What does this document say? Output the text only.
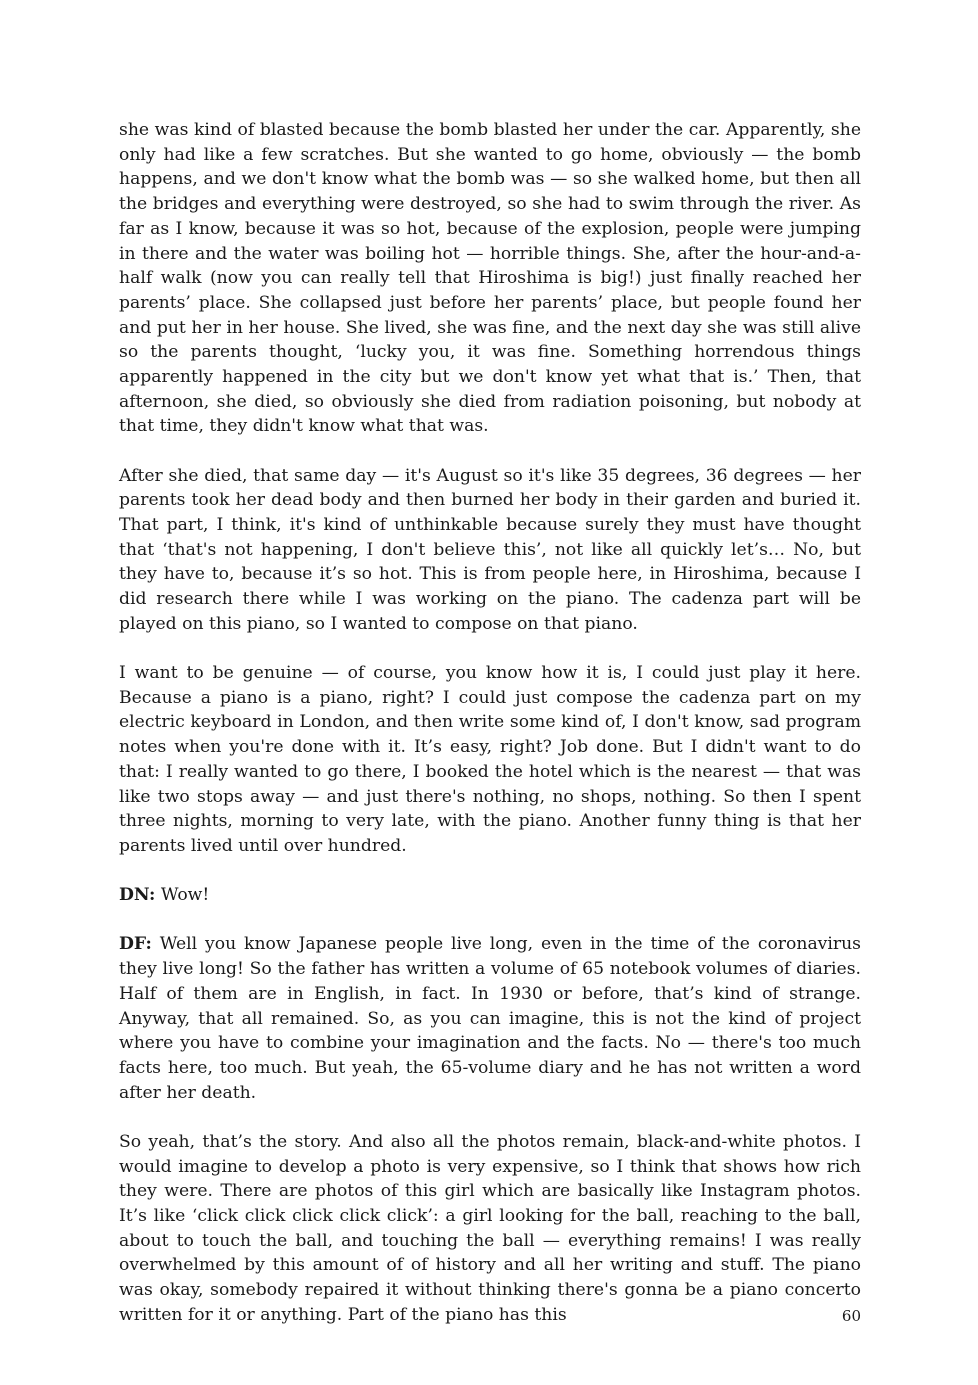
she was kind of blasted because the bomb blasted her under the car. Apparently, she only had like a few scratches. But she wanted to go home, obviously — the bomb happens, and we don't know what the bomb was — so she walked home, but then all the bridges and everything were destroyed, so she had to swim through the river. As far as I know, because it was so hot, because of the explosion, people were jumping in there and the water was boiling hot — horrible things. She, after the hour-and-a-half walk (now you can really tell that Hiroshima is big!) just finally reached her parents’ place. She collapsed just before her parents’ place, but people found her and put her in her house. She lived, she was fine, and the next day she was still alive so the parents thought, ‘lucky you, it was fine. Something horrendous things apparently happened in the city but we don't know yet what that is.’ Then, that afternoon, she died, so obviously she died from radiation poisoning, but nobody at that time, they didn't know what that was.

After she died, that same day — it's August so it's like 35 degrees, 36 degrees — her parents took her dead body and then burned her body in their garden and buried it. That part, I think, it's kind of unthinkable because surely they must have thought that ‘that's not happening, I don't believe this’, not like all quickly let’s… No, but they have to, because it’s so hot. This is from people here, in Hiroshima, because I did research there while I was working on the piano. The cadenza part will be played on this piano, so I wanted to compose on that piano.

I want to be genuine — of course, you know how it is, I could just play it here. Because a piano is a piano, right? I could just compose the cadenza part on my electric keyboard in London, and then write some kind of, I don't know, sad program notes when you're done with it. It’s easy, right? Job done. But I didn't want to do that: I really wanted to go there, I booked the hotel which is the nearest — that was like two stops away — and just there's nothing, no shops, nothing. So then I spent three nights, morning to very late, with the piano. Another funny thing is that her parents lived until over hundred.

DN: Wow!

DF: Well you know Japanese people live long, even in the time of the coronavirus they live long! So the father has written a volume of 65 notebook volumes of diaries. Half of them are in English, in fact. In 1930 or before, that’s kind of strange. Anyway, that all remained. So, as you can imagine, this is not the kind of project where you have to combine your imagination and the facts. No — there's too much facts here, too much. But yeah, the 65-volume diary and he has not written a word after her death.

So yeah, that’s the story. And also all the photos remain, black-and-white photos. I would imagine to develop a photo is very expensive, so I think that shows how rich they were. There are photos of this girl which are basically like Instagram photos. It’s like ‘click click click click click’: a girl looking for the ball, reaching to the ball, about to touch the ball, and touching the ball — everything remains! I was really overwhelmed by this amount of of history and all her writing and stuff. The piano was okay, somebody repaired it without thinking there's gonna be a piano concerto written for it or anything. Part of the piano has this	60
